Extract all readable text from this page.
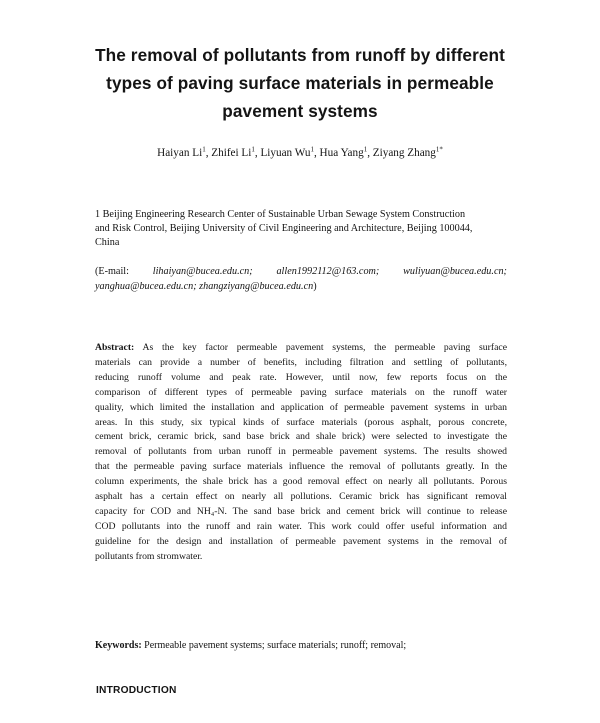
The removal of pollutants from runoff by different
types of paving surface materials in permeable
pavement systems
Haiyan Li$^1$, Zhifei Li$^1$, Liyuan Wu$^1$, Hua Yang$^1$, Ziyang Zhang$^{1*}$
1 Beijing Engineering Research Center of Sustainable Urban Sewage System Construction
and Risk Control, Beijing University of Civil Engineering and Architecture, Beijing 100044,
China
(E-mail: lihaiyan@bucea.edu.cn; allen1992112@163.com; wuliyuan@bucea.edu.cn;
yanghua@bucea.edu.cn; zhangziyang@bucea.edu.cn)
Abstract: As the key factor permeable pavement systems, the permeable paving surface
materials can provide a number of benefits, including filtration and settling of pollutants,
reducing runoff volume and peak rate. However, until now, few reports focus on the
comparison of different types of permeable paving surface materials on the runoff water
quality, which limited the installation and application of permeable pavement systems in urban
areas. In this study, six typical kinds of surface materials (porous asphalt, porous concrete,
cement brick, ceramic brick, sand base brick and shale brick) were selected to investigate the
removal of pollutants from urban runoff in permeable pavement systems. The results showed
that the permeable paving surface materials influence the removal of pollutants greatly. In the
column experiments, the shale brick has a good removal effect on nearly all pollutants. Porous
asphalt has a certain effect on nearly all pollutions. Ceramic brick has significant removal
capacity for COD and NH₄-N. The sand base brick and cement brick will continue to release
COD pollutants into the runoff and rain water. This work could offer useful information and
guideline for the design and installation of permeable pavement systems in the removal of
pollutants from stromwater.
Keywords: Permeable pavement systems; surface materials; runoff; removal;
INTRODUCTION
